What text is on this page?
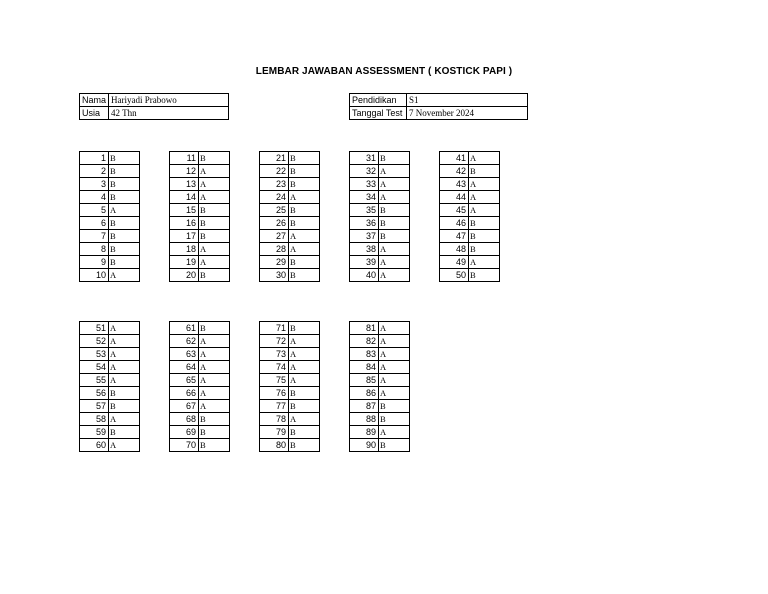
LEMBAR JAWABAN ASSESSMENT ( KOSTICK PAPI )
Nama	Hariyadi Prabowo
Usia	42 Thn
Pendidikan	S1
Tanggal Test	7 November 2024
1	B
2	B
3	B
4	B
5	A
6	B
7	B
8	B
9	B
10	A
11	B
12	A
13	A
14	A
15	B
16	B
17	B
18	A
19	A
20	B
21	B
22	B
23	B
24	A
25	B
26	B
27	A
28	A
29	B
30	B
31	B
32	A
33	A
34	A
35	B
36	B
37	B
38	A
39	A
40	A
41	A
42	B
43	A
44	A
45	A
46	B
47	B
48	B
49	A
50	B
51	A
52	A
53	A
54	A
55	A
56	B
57	B
58	A
59	B
60	A
61	B
62	A
63	A
64	A
65	A
66	A
67	A
68	B
69	B
70	B
71	B
72	A
73	A
74	A
75	A
76	B
77	B
78	A
79	B
80	B
81	A
82	A
83	A
84	A
85	A
86	A
87	B
88	B
89	A
90	B
